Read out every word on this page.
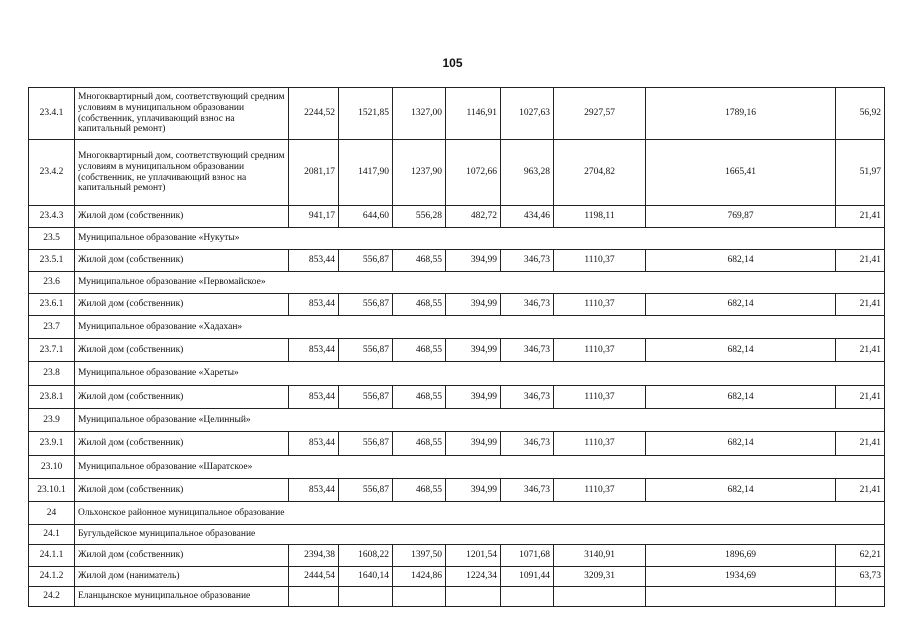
105
23.4.1	Многоквартирный дом, соответствующий средним условиям в муниципальном образовании (собственник, уплачивающий взнос на капитальный ремонт)	2244,52	1521,85	1327,00	1146,91	1027,63	2927,57	1789,16	56,92
23.4.2	Многоквартирный дом, соответствующий средним условиям в муниципальном образовании (собственник, не уплачивающий взнос на капитальный ремонт)	2081,17	1417,90	1237,90	1072,66	963,28	2704,82	1665,41	51,97
23.4.3	Жилой дом (собственник)	941,17	644,60	556,28	482,72	434,46	1198,11	769,87	21,41
23.5	Муниципальное образование «Нукуты»								
23.5.1	Жилой дом (собственник)	853,44	556,87	468,55	394,99	346,73	1110,37	682,14	21,41
23.6	Муниципальное образование «Первомайское»								
23.6.1	Жилой дом (собственник)	853,44	556,87	468,55	394,99	346,73	1110,37	682,14	21,41
23.7	Муниципальное образование «Хадахан»								
23.7.1	Жилой дом (собственник)	853,44	556,87	468,55	394,99	346,73	1110,37	682,14	21,41
23.8	Муниципальное образование «Хареты»								
23.8.1	Жилой дом (собственник)	853,44	556,87	468,55	394,99	346,73	1110,37	682,14	21,41
23.9	Муниципальное образование «Целинный»								
23.9.1	Жилой дом (собственник)	853,44	556,87	468,55	394,99	346,73	1110,37	682,14	21,41
23.10	Муниципальное образование «Шаратское»								
23.10.1	Жилой дом (собственник)	853,44	556,87	468,55	394,99	346,73	1110,37	682,14	21,41
24	Ольхонское районное муниципальное образование								
24.1	Бугульдейское муниципальное образование								
24.1.1	Жилой дом (собственник)	2394,38	1608,22	1397,50	1201,54	1071,68	3140,91	1896,69	62,21
24.1.2	Жилой дом (наниматель)	2444,54	1640,14	1424,86	1224,34	1091,44	3209,31	1934,69	63,73
24.2	Еланцынское муниципальное образование								
